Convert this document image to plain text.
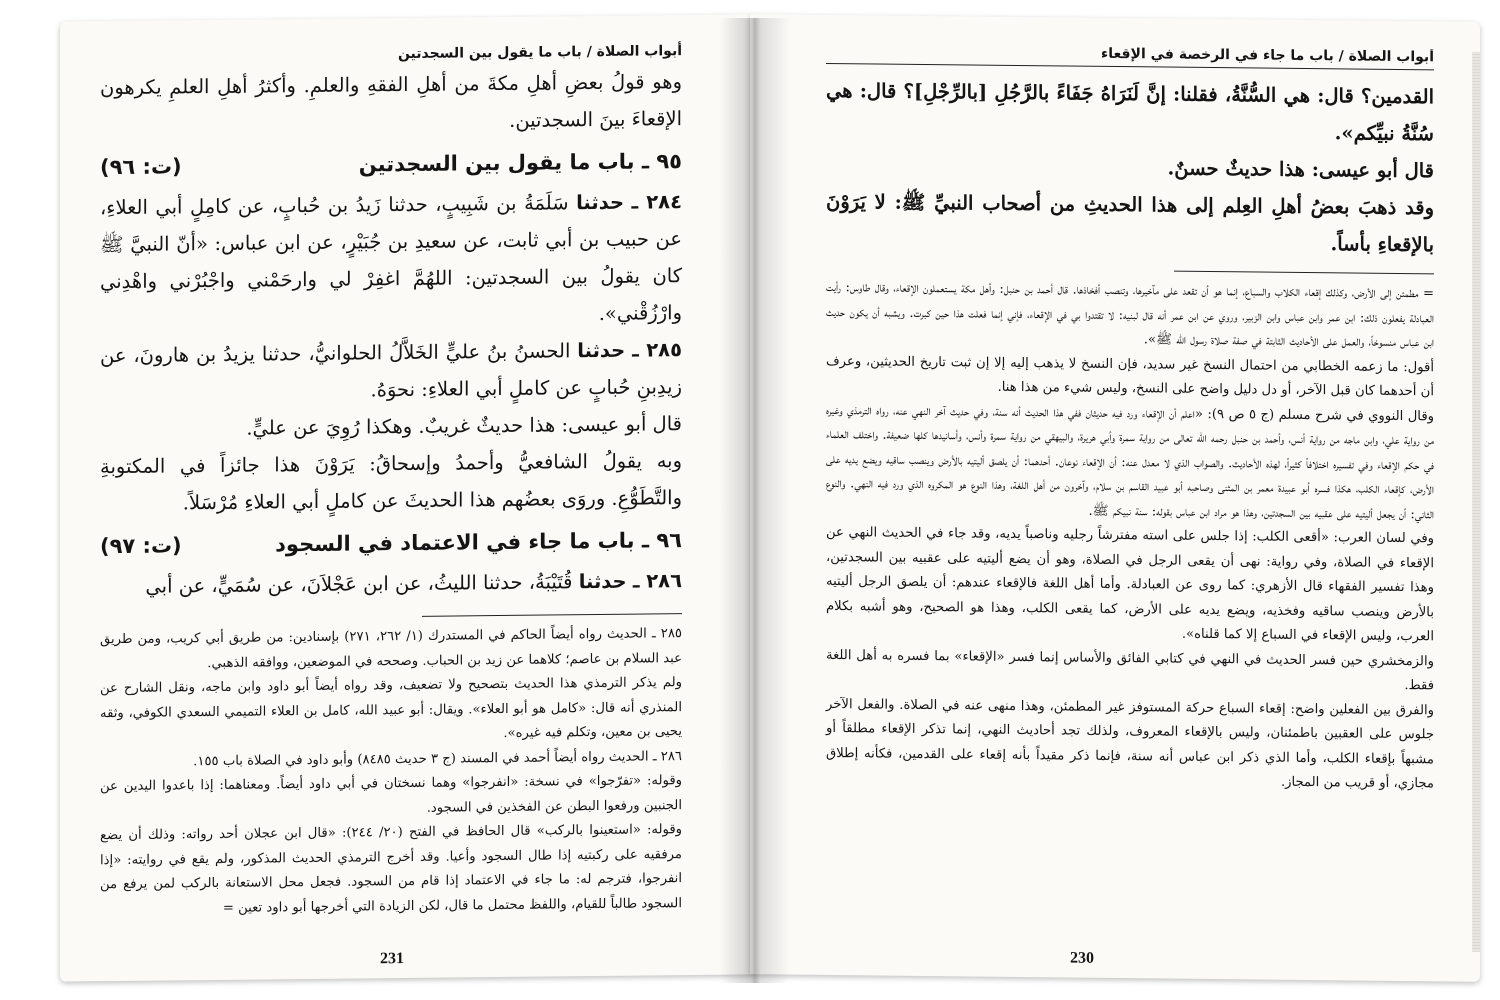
أبواب الصلاة / باب ما يقول بين السجدتين

وهو قولُ بعضِ أهلِ مكةَ من أهلِ الفقهِ والعلمِ. وأكثرُ أهلِ العلمِ يكرهون الإقعاءَ بينَ السجدتين.

٩٥ ـ باب ما يقول بين السجدتين
(ت: ٩٦)

٢٨٤ ـ حدثنا سَلَمَةُ بن شَبِيبٍ، حدثنا زَيدُ بن حُبابٍ، عن كامِلٍ أبي العلاءِ، عن حبيب بن أبي ثابت، عن سعيدِ بن جُبَيْرٍ، عن ابن عباس: «أنّ النبيَّ ﷺ كان يقولُ بين السجدتين: اللهُمَّ اغفِرْ لي وارحَمْني واجْبُرْني واهْدِني وارْزُقْني».

٢٨٥ ـ حدثنا الحسنُ بنُ عليٍّ الخَلاَّلُ الحلوانيُّ، حدثنا يزيدُ بن هارونَ، عن زيدِبنِ حُبابٍ عن كاملٍ أبي العلاءِ: نحوَهُ.

قال أبو عيسى: هذا حديثٌ غريبٌ. وهكذا رُوِيَ عن عليٍّ.

وبه يقولُ الشافعيُّ وأحمدُ وإسحاقُ: يَرَوْنَ هذا جائزاً في المكتوبةِ والتَّطَوُّعِ. وروَى بعضُهم هذا الحديثَ عن كاملٍ أبي العلاءِ مُرْسَلاً.

٩٦ ـ باب ما جاء في الاعتماد في السجود
(ت: ٩٧)

٢٨٦ ـ حدثنا قُتَيْبَةُ، حدثنا الليثُ، عن ابن عَجْلاَنَ، عن سُمَيٍّ، عن أبي

٢٨٥ ـ الحديث رواه أيضاً الحاكم في المستدرك (١/ ٢٦٢، ٢٧١) بإسنادين: من طريق أبي كريب، ومن طريق عبد السلام بن عاصم؛ كلاهما عن زيد بن الحباب. وصححه في الموضعين، ووافقه الذهبي.

ولم يذكر الترمذي هذا الحديث بتصحيح ولا تضعيف، وقد رواه أيضاً أبو داود وابن ماجه، ونقل الشارح عن المنذري أنه قال: «كامل هو أبو العلاء». ويقال: أبو عبيد الله، كامل بن العلاء التميمي السعدي الكوفي، وثقه يحيى بن معين، وتكلم فيه غيره».

٢٨٦ ـ الحديث رواه أيضاً أحمد في المسند (ج ٣ حديث ٨٤٨٥) وأبو داود في الصلاة باب ١٥٥.

وقوله: «تفرّجوا» في نسخة: «انفرجوا» وهما نسختان في أبي داود أيضاً. ومعناهما: إذا باعدوا اليدين عن الجنبين ورفعوا البطن عن الفخذين في السجود.

وقوله: «استعينوا بالركب» قال الحافظ في الفتح (٢٠/ ٢٤٤): «قال ابن عجلان أحد رواته: وذلك أن يضع مرفقيه على ركبتيه إذا طال السجود وأعيا. وقد أخرج الترمذي الحديث المذكور، ولم يقع في روايته: «إذا انفرجوا، فترجم له: ما جاء في الاعتماد إذا قام من السجود. فجعل محل الاستعانة بالركب لمن يرفع من السجود طالباً للقيام، واللفظ محتمل ما قال، لكن الزيادة التي أخرجها أبو داود تعين =

231
أبواب الصلاة / باب ما جاء في الرخصة في الإقعاء

القدمين؟ قال: هي السُّنَّةُ، فقلنا: إنَّ لَنَرَاهُ جَفَاءً بالرَّجُلِ [بالرِّجْلِ]؟ قال: هي سُنَّةُ نبيِّكم».

قال أبو عيسى: هذا حديثٌ حسنٌ.

وقد ذهبَ بعضُ أهلِ العِلم إلى هذا الحديثِ من أصحاب النبيِّ ﷺ: لا يَرَوْنَ بالإقعاءِ بأساً.

= مطمئن إلى الأرض، وكذلك إقعاء الكلاب والسباع، إنما هو أن تقعد على مآخيرها، وتنصب أفخاذها. قال أحمد بن حنبل: وأهل مكة يستعملون الإقعاء، وقال طاوس: رأيت العبادلة يفعلون ذلك: ابن عمر وابن عباس وابن الزبير، وروي عن ابن عمر أنه قال لبنيه: لا تقتدوا بي في الإقعاء، فإني إنما فعلت هذا حين كبرت. ويشبه أن يكون حديث ابن عباس منسوخاً، والعمل على الأحاديث الثابتة في صفة صلاة رسول الله ﷺ».

أقول: ما زعمه الخطابي من احتمال النسخ غير سديد، فإن النسخ لا يذهب إليه إلا إن ثبت تاريخ الحديثين، وعرف أن أحدهما كان قبل الآخر، أو دل دليل واضح على النسخ، وليس شيء من هذا هنا.

وقال النووي في شرح مسلم (ج ٥ ص ٩): «اعلم أن الإقعاء ورد فيه حديثان ففي هذا الحديث أنه سنة، وفي حديث آخر النهي عنه، رواه الترمذي وغيره من رواية علي، وابن ماجه من رواية أنس، وأحمد بن حنبل رحمه الله تعالى من رواية سمرة وأبي هريرة، والبيهقي من رواية سمرة وأنس، وأسانيدها كلها ضعيفة. واختلف العلماء في حكم الإقعاء وفي تفسيره اختلافاً كثيراً، لهذه الأحاديث. والصواب الذي لا معدل عنه: أن الإقعاء نوعان. أحدهما: أن يلصق أليتيه بالأرض وينصب ساقيه ويضع يديه على الأرض، كإقعاء الكلب، هكذا فسره أبو عبيدة معمر بن المثنى وصاحبه أبو عبيد القاسم بن سلام، وآخرون من أهل اللغة، وهذا النوع هو المكروه الذي ورد فيه النهي. والنوع الثاني: أن يجعل أليتيه على عقبيه بين السجدتين، وهذا هو مراد ابن عباس بقوله: سنة نبيكم ﷺ.

وفي لسان العرب: «أقعى الكلب: إذا جلس على استه مفترشاً رجليه وناصباً يديه، وقد جاء في الحديث النهي عن الإقعاء في الصلاة، وفي رواية: نهى أن يقعى الرجل في الصلاة، وهو أن يضع أليتيه على عقبيه بين السجدتين، وهذا تفسير الفقهاء قال الأزهري: كما روى عن العبادلة. وأما أهل اللغة فالإقعاء عندهم: أن يلصق الرجل أليتيه بالأرض وينصب ساقيه وفخذيه، ويضع يديه على الأرض، كما يقعى الكلب، وهذا هو الصحيح، وهو أشبه بكلام العرب، وليس الإقعاء في السباع إلا كما قلناه».

والزمخشري حين فسر الحديث في النهي في كتابي الفائق والأساس إنما فسر «الإقعاء» بما فسره به أهل اللغة فقط.

والفرق بين الفعلين واضح: إقعاء السباع حركة المستوفز غير المطمئن، وهذا منهى عنه في الصلاة. والفعل الآخر جلوس على العقبين باطمئنان، وليس بالإقعاء المعروف، ولذلك تجد أحاديث النهي، إنما تذكر الإقعاء مطلقاً أو مشبهاً بإقعاء الكلب، وأما الذي ذكر ابن عباس أنه سنة، فإنما ذكر مقيداً بأنه إقعاء على القدمين، فكأنه إطلاق مجازي، أو قريب من المجاز.

230
